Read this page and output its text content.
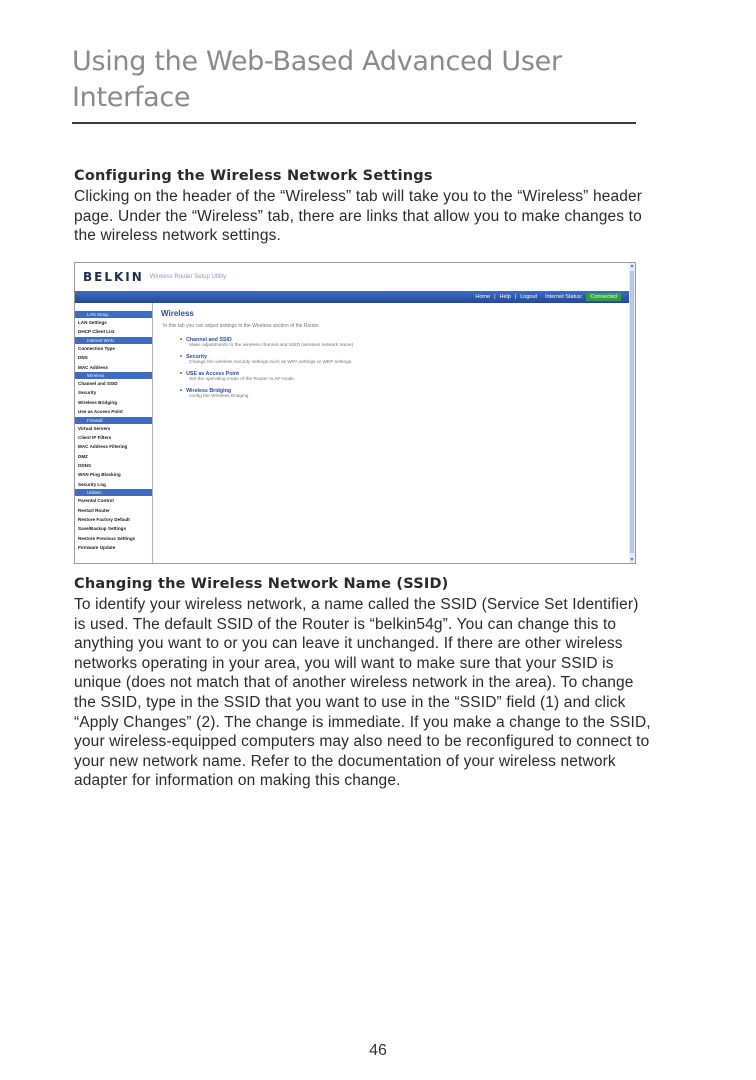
Using the Web-Based Advanced User Interface
Configuring the Wireless Network Settings

Clicking on the header of the “Wireless” tab will take you to the “Wireless” header page. Under the “Wireless” tab, there are links that allow you to make changes to the wireless network settings.

BELKIN Wireless Router Setup Utility
Home | Help | Logout Internet Status:	Connected
LAN Setup
LAN Settings
DHCP Client List
Internet WAN
Connection Type
DNS
MAC Address
Wireless
Channel and SSID
Security
Wireless Bridging
Use as Access Point
Firewall
Virtual Servers
Client IP Filters
MAC Address Filtering
DMZ
DDNS
WAN Ping Blocking
Security Log
Utilities
Parental Control
Restart Router
Restore Factory Default
Save/Backup Settings
Restore Previous Settings
Firmware Update
Wireless
In this tab you can adjust settings to the Wireless section of the Router.
• Channel and SSID
Make adjustments to the wireless channel and SSID (wireless network name)
• Security
Change the wireless security settings such as WPA settings or WEP settings.
• USE as Access Point
Set the operating mode of the Router to AP mode
• Wireless Bridging
config the Wireless Bridging
▲
▼
Changing the Wireless Network Name (SSID)

To identify your wireless network, a name called the SSID (Service Set Identifier) is used. The default SSID of the Router is “belkin54g”. You can change this to anything you want to or you can leave it unchanged. If there are other wireless networks operating in your area, you will want to make sure that your SSID is unique (does not match that of another wireless network in the area). To change the SSID, type in the SSID that you want to use in the “SSID” field (1) and click “Apply Changes” (2). The change is immediate. If you make a change to the SSID, your wireless-equipped computers may also need to be reconfigured to connect to your new network name. Refer to the documentation of your wireless network adapter for information on making this change.

46
